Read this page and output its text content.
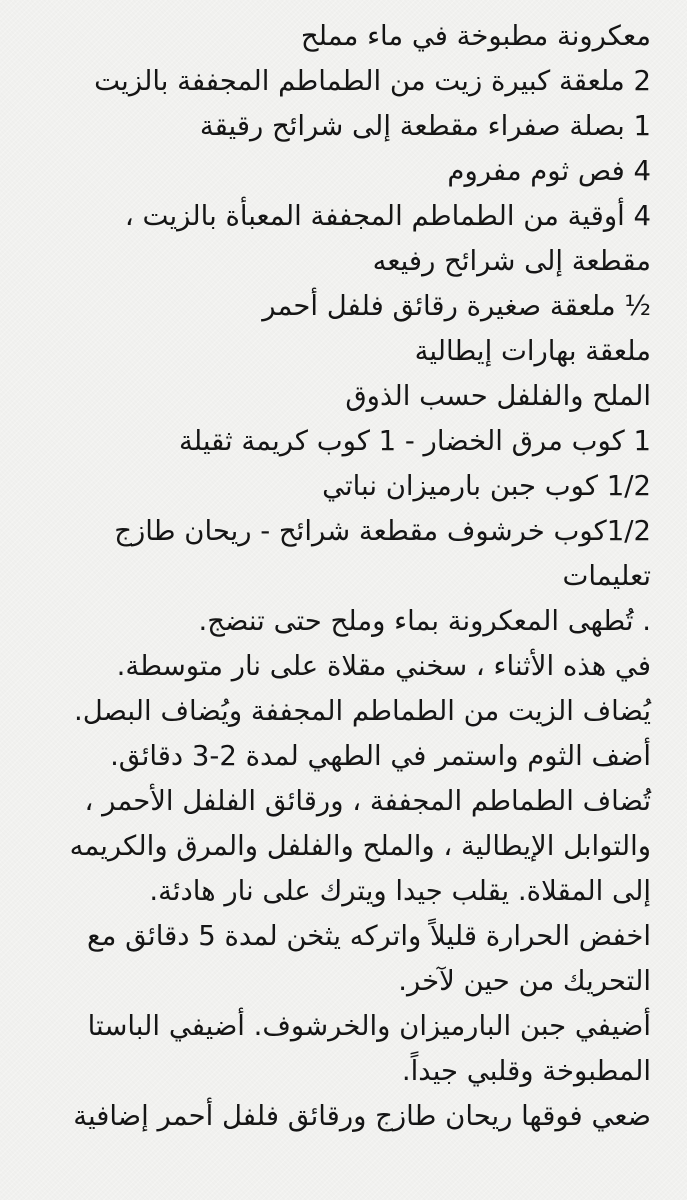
معكرونة مطبوخة في ماء مملح
2 ملعقة كبيرة زيت من الطماطم المجففة بالزيت
1 بصلة صفراء مقطعة إلى شرائح رقيقة
4 فص ثوم مفروم
4 أوقية من الطماطم المجففة المعبأة بالزيت ،
مقطعة إلى شرائح رفيعه
½ ملعقة صغيرة رقائق فلفل أحمر
ملعقة بهارات إيطالية
الملح والفلفل حسب الذوق
1 كوب مرق الخضار - 1 كوب كريمة ثقيلة
1/2 كوب جبن بارميزان نباتي
1/2كوب خرشوف مقطعة شرائح - ريحان طازج
تعليمات
. تُطهى المعكرونة بماء وملح حتى تنضج.
في هذه الأثناء ، سخني مقلاة على نار متوسطة.
يُضاف الزيت من الطماطم المجففة ويُضاف البصل.
أضف الثوم واستمر في الطهي لمدة 2-3 دقائق.
تُضاف الطماطم المجففة ، ورقائق الفلفل الأحمر ،
والتوابل الإيطالية ، والملح والفلفل والمرق والكريمه
إلى المقلاة. يقلب جيدا ويترك على نار هادئة.
اخفض الحرارة قليلاً واتركه يثخن لمدة 5 دقائق مع
التحريك من حين لآخر.
أضيفي جبن البارميزان والخرشوف. أضيفي الباستا
المطبوخة وقلبي جيداً.
ضعي فوقها ريحان طازج ورقائق فلفل أحمر إضافية
